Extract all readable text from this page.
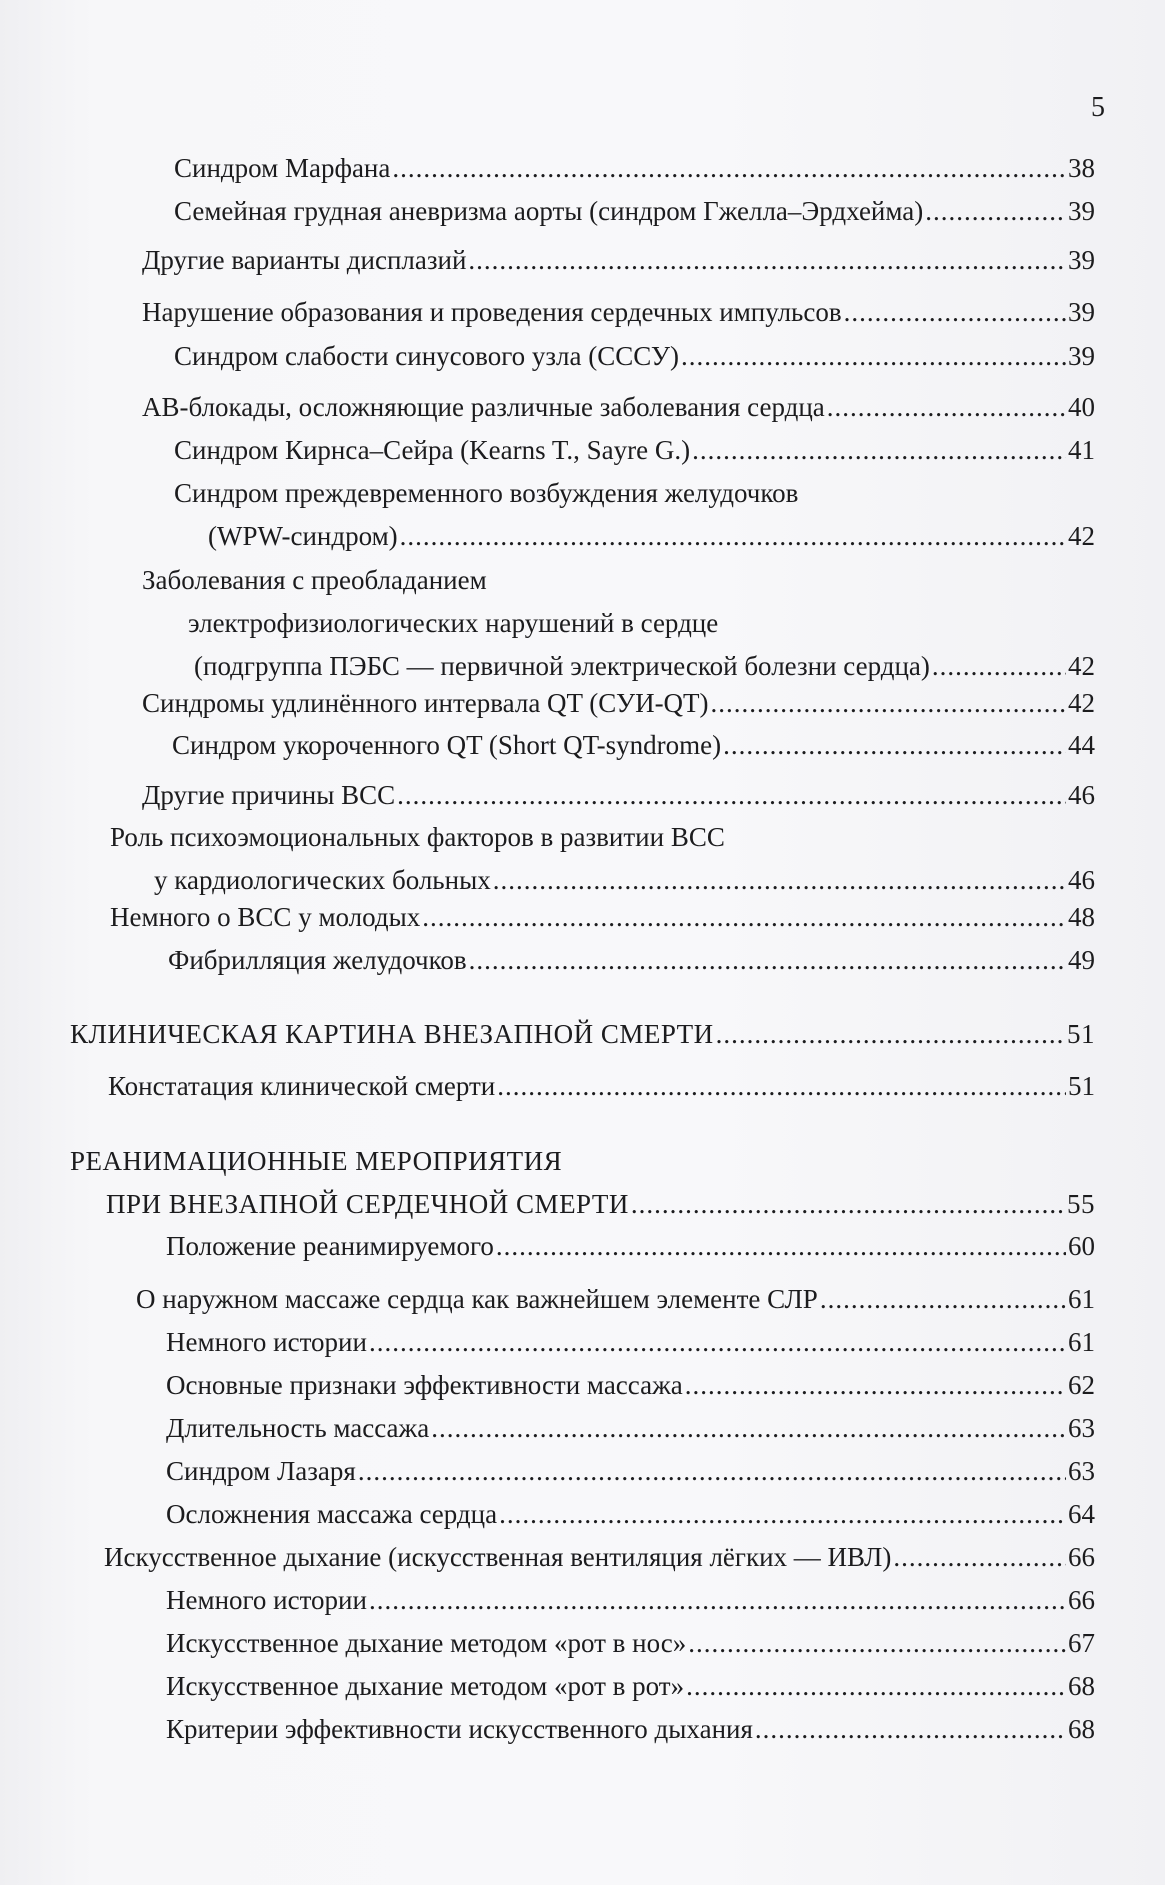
5
Синдром Марфана .....	38
Семейная грудная аневризма аорты (синдром Гжелла–Эрдхейма) .....	39
Другие варианты дисплазий .....	39
Нарушение образования и проведения сердечных импульсов .....	39
Синдром слабости синусового узла (СССУ) .....	39
АВ-блокады, осложняющие различные заболевания сердца .....	40
Синдром Кирнса–Сейра (Kearns T., Sayre G.) .....	41
Синдром преждевременного возбуждения желудочков
(WPW-синдром) .....	42
Заболевания с преобладанием
электрофизиологических нарушений в сердце
(подгруппа ПЭБС — первичной электрической болезни сердца) .....	42
Синдромы удлинённого интервала QT (СУИ-QT) .....	42
Синдром укороченного QT (Short QT-syndrome) .....	44
Другие причины ВСС .....	46
Роль психоэмоциональных факторов в развитии ВСС
у кардиологических больных .....	46
Немного о ВСС у молодых .....	48
Фибрилляция желудочков .....	49
КЛИНИЧЕСКАЯ КАРТИНА ВНЕЗАПНОЙ СМЕРТИ .....	51
Констатация клинической смерти .....	51
РЕАНИМАЦИОННЫЕ МЕРОПРИЯТИЯ
ПРИ ВНЕЗАПНОЙ СЕРДЕЧНОЙ СМЕРТИ .....	55
Положение реанимируемого .....	60
О наружном массаже сердца как важнейшем элементе СЛР .....	61
Немного истории .....	61
Основные признаки эффективности массажа .....	62
Длительность массажа .....	63
Синдром Лазаря .....	63
Осложнения массажа сердца .....	64
Искусственное дыхание (искусственная вентиляция лёгких — ИВЛ) .....	66
Немного истории .....	66
Искусственное дыхание методом «рот в нос» .....	67
Искусственное дыхание методом «рот в рот» .....	68
Критерии эффективности искусственного дыхания .....	68
